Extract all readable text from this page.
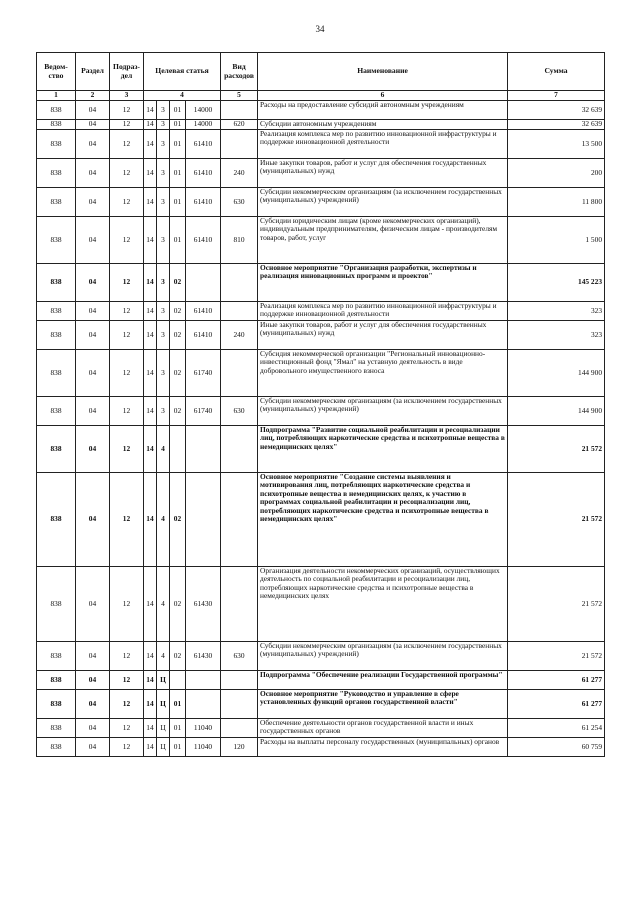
34
Ведом-ство	Раздел	Подраз-дел	Целевая статья				Вид расходов	Наименование	Сумма
1	2	3	4				5	6	7
838	04	12	14	3	01	14000		Расходы на предоставление субсидий автономным учреждениям	32 639
838	04	12	14	3	01	14000	620	Субсидии автономным учреждениям	32 639
838	04	12	14	3	01	61410		Реализация комплекса мер по развитию инновационной инфраструктуры и поддержке инновационной деятельности	13 500
838	04	12	14	3	01	61410	240	Иные закупки товаров, работ и услуг для обеспечения государственных (муниципальных) нужд	200
838	04	12	14	3	01	61410	630	Субсидии некоммерческим организациям (за исключением государственных (муниципальных) учреждений)	11 800
838	04	12	14	3	01	61410	810	Субсидии юридическим лицам (кроме некоммерческих организаций), индивидуальным предпринимателям, физическим лицам - производителям товаров, работ, услуг	1 500
838	04	12	14	3	02			Основное мероприятие "Организация разработки, экспертизы и реализация инновационных программ и проектов"	145 223
838	04	12	14	3	02	61410		Реализация комплекса мер по развитию инновационной инфраструктуры и поддержке инновационной деятельности	323
838	04	12	14	3	02	61410	240	Иные закупки товаров, работ и услуг для обеспечения государственных (муниципальных) нужд	323
838	04	12	14	3	02	61740		Субсидия некоммерческой организации "Региональный инновационно-инвестиционный фонд "Ямал" на уставную деятельность в виде добровольного имущественного взноса	144 900
838	04	12	14	3	02	61740	630	Субсидии некоммерческим организациям (за исключением государственных (муниципальных) учреждений)	144 900
838	04	12	14	4				Подпрограмма "Развитие социальной реабилитации и ресоциализации лиц, потребляющих наркотические средства и психотропные вещества в немедицинских целях"	21 572
838	04	12	14	4	02			Основное мероприятие "Создание системы выявления и мотивирования лиц, потребляющих наркотические средства и психотропные вещества в немедицинских целях, к участию в программах социальной реабилитации и ресоциализации лиц, потребляющих наркотические средства и психотропные вещества в немедицинских целях"	21 572
838	04	12	14	4	02	61430		Организация деятельности некоммерческих организаций, осуществляющих деятельность по социальной реабилитации и ресоциализации лиц, потребляющих наркотические средства и психотропные вещества в немедицинских целях	21 572
838	04	12	14	4	02	61430	630	Субсидии некоммерческим организациям (за исключением государственных (муниципальных) учреждений)	21 572
838	04	12	14	Ц				Подпрограмма "Обеспечение реализации Государственной программы"	61 277
838	04	12	14	Ц	01			Основное мероприятие "Руководство и управление в сфере установленных функций органов государственной власти"	61 277
838	04	12	14	Ц	01	11040		Обеспечение деятельности органов государственной власти и иных государственных органов	61 254
838	04	12	14	Ц	01	11040	120	Расходы на выплаты персоналу государственных (муниципальных) органов	60 759
